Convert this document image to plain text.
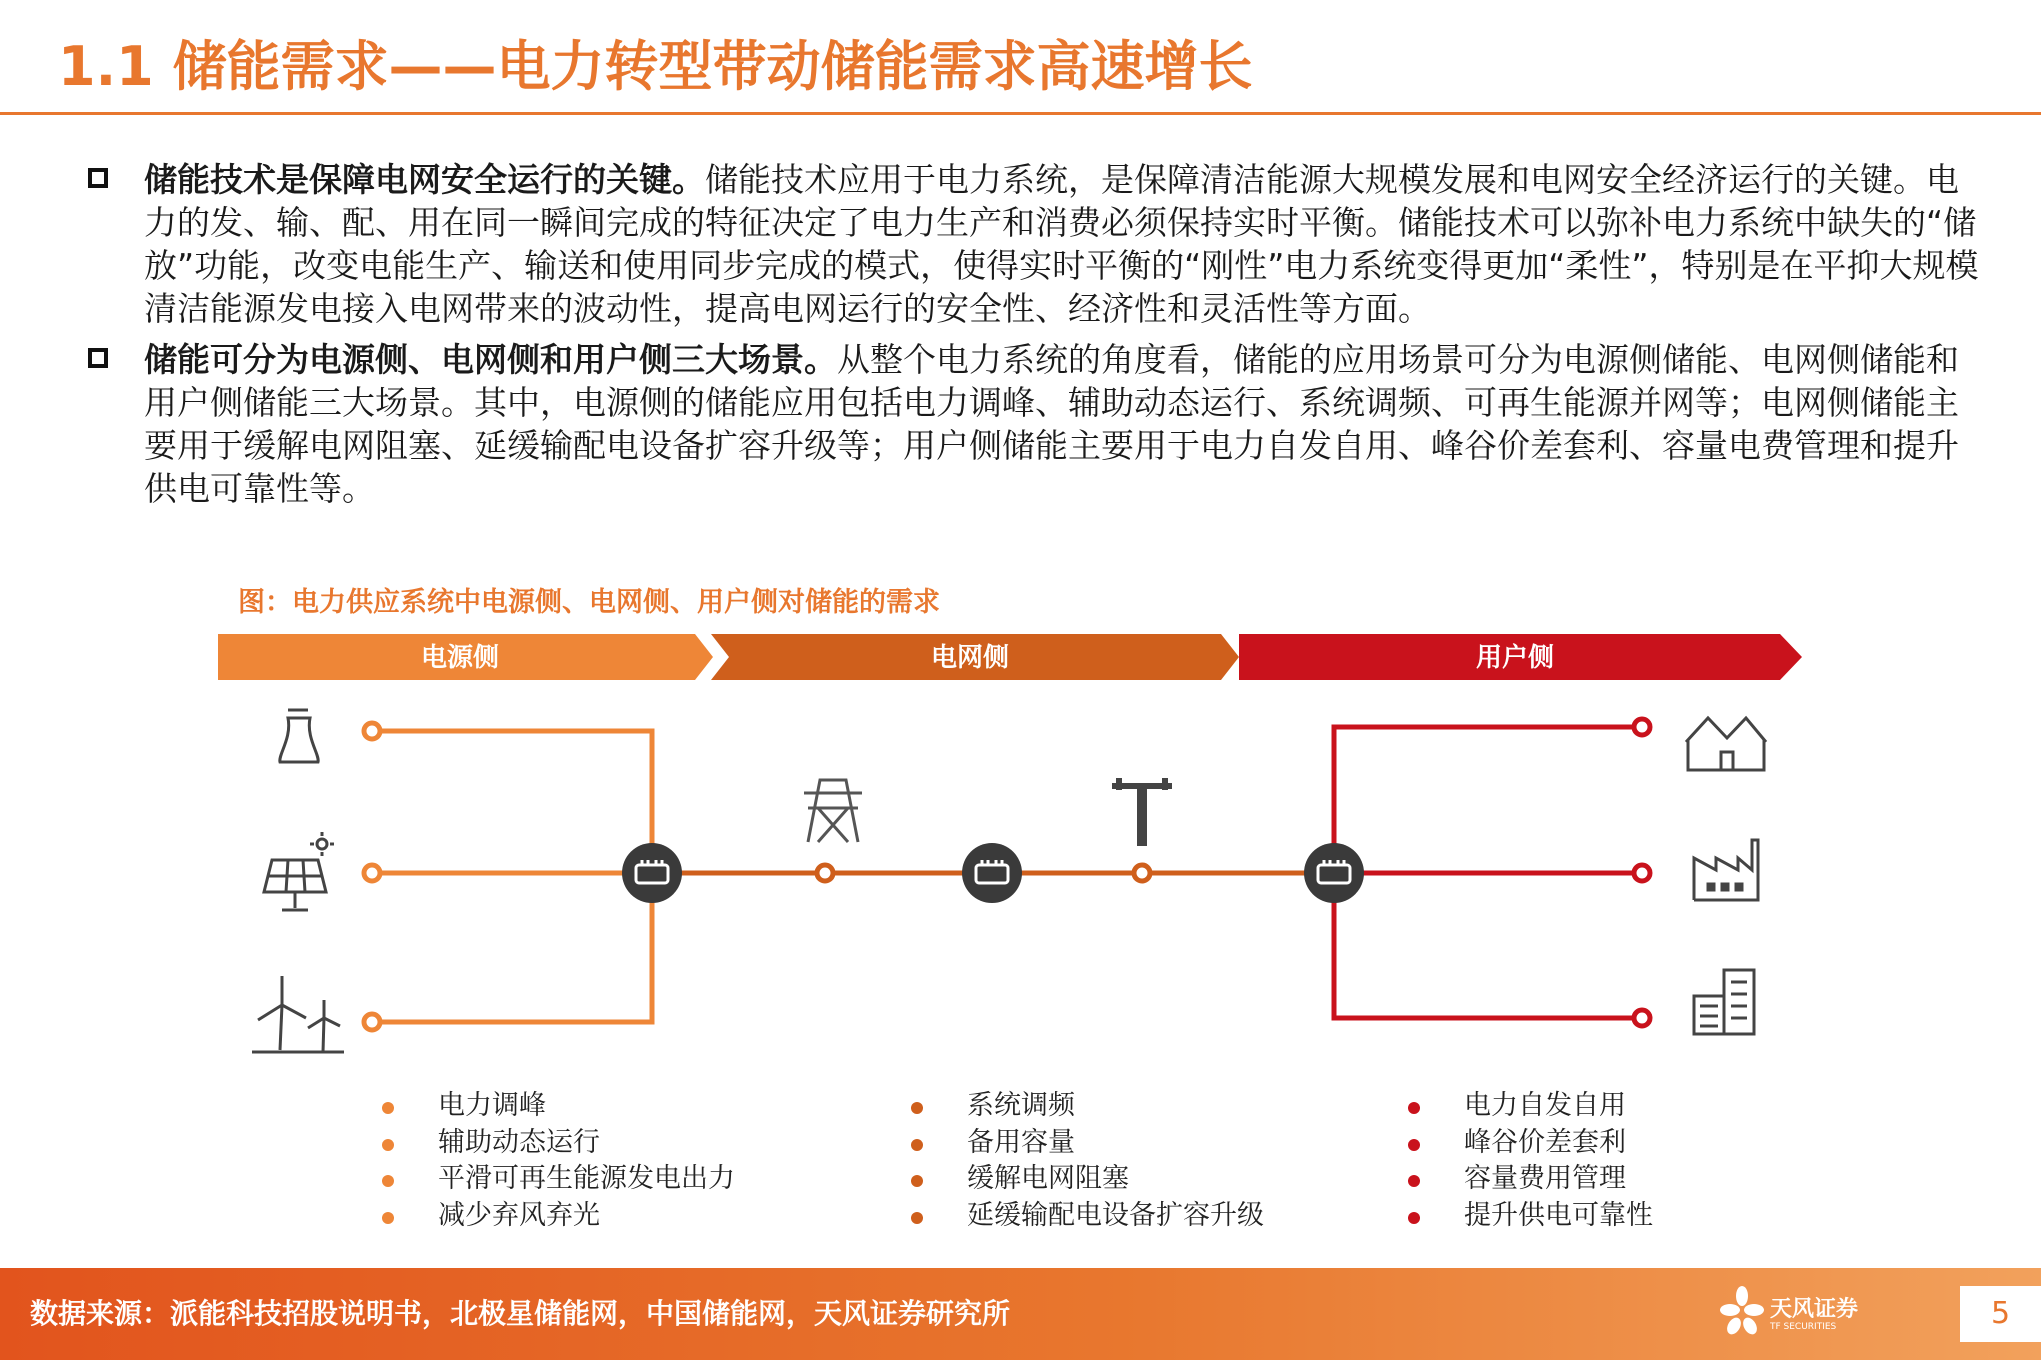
1.1 储能需求——电力转型带动储能需求高速增长
储能技术是保障电网安全运行的关键。储能技术应用于电力系统，是保障清洁能源大规模发展和电网安全经济运行的关键。电力的发、输、配、用在同一瞬间完成的特征决定了电力生产和消费必须保持实时平衡。储能技术可以弥补电力系统中缺失的“储放”功能，改变电能生产、输送和使用同步完成的模式，使得实时平衡的“刚性”电力系统变得更加“柔性”，特别是在平抑大规模清洁能源发电接入电网带来的波动性，提高电网运行的安全性、经济性和灵活性等方面。
储能可分为电源侧、电网侧和用户侧三大场景。从整个电力系统的角度看，储能的应用场景可分为电源侧储能、电网侧储能和用户侧储能三大场景。其中，电源侧的储能应用包括电力调峰、辅助动态运行、系统调频、可再生能源并网等；电网侧储能主要用于缓解电网阻塞、延缓输配电设备扩容升级等；用户侧储能主要用于电力自发自用、峰谷价差套利、容量电费管理和提升供电可靠性等。
图：电力供应系统中电源侧、电网侧、用户侧对储能的需求
电源侧	电网侧	用户侧
电力调峰
辅助动态运行
平滑可再生能源发电出力
减少弃风弃光
系统调频
备用容量
缓解电网阻塞
延缓输配电设备扩容升级
电力自发自用
峰谷价差套利
容量费用管理
提升供电可靠性
数据来源：派能科技招股说明书，北极星储能网，中国储能网，天风证券研究所	天风证券
TF SECURITIES	5
